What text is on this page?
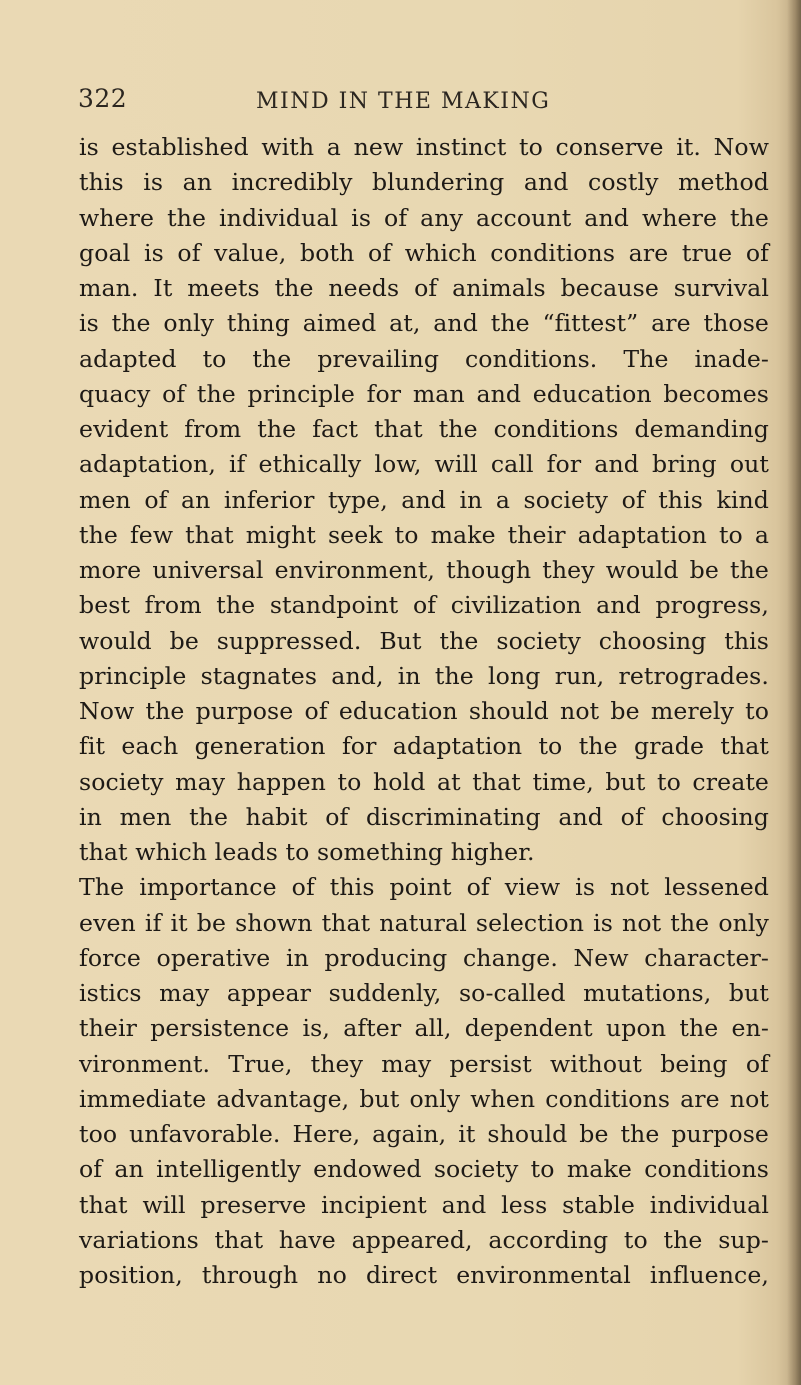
322	MIND IN THE MAKING
is established with a new instinct to conserve it. Now
this is an incredibly blundering and costly method
where the individual is of any account and where the
goal is of value, both of which conditions are true of
man. It meets the needs of animals because survival
is the only thing aimed at, and the “fittest” are those
adapted to the prevailing conditions. The inade-
quacy of the principle for man and education becomes
evident from the fact that the conditions demanding
adaptation, if ethically low, will call for and bring out
men of an inferior type, and in a society of this kind
the few that might seek to make their adaptation to a
more universal environment, though they would be the
best from the standpoint of civilization and progress,
would be suppressed. But the society choosing this
principle stagnates and, in the long run, retrogrades.
Now the purpose of education should not be merely to
fit each generation for adaptation to the grade that
society may happen to hold at that time, but to create
in men the habit of discriminating and of choosing
that which leads to something higher.
The importance of this point of view is not lessened
even if it be shown that natural selection is not the only
force operative in producing change. New character-
istics may appear suddenly, so-called mutations, but
their persistence is, after all, dependent upon the en-
vironment. True, they may persist without being of
immediate advantage, but only when conditions are not
too unfavorable. Here, again, it should be the purpose
of an intelligently endowed society to make conditions
that will preserve incipient and less stable individual
variations that have appeared, according to the sup-
position, through no direct environmental influence,
